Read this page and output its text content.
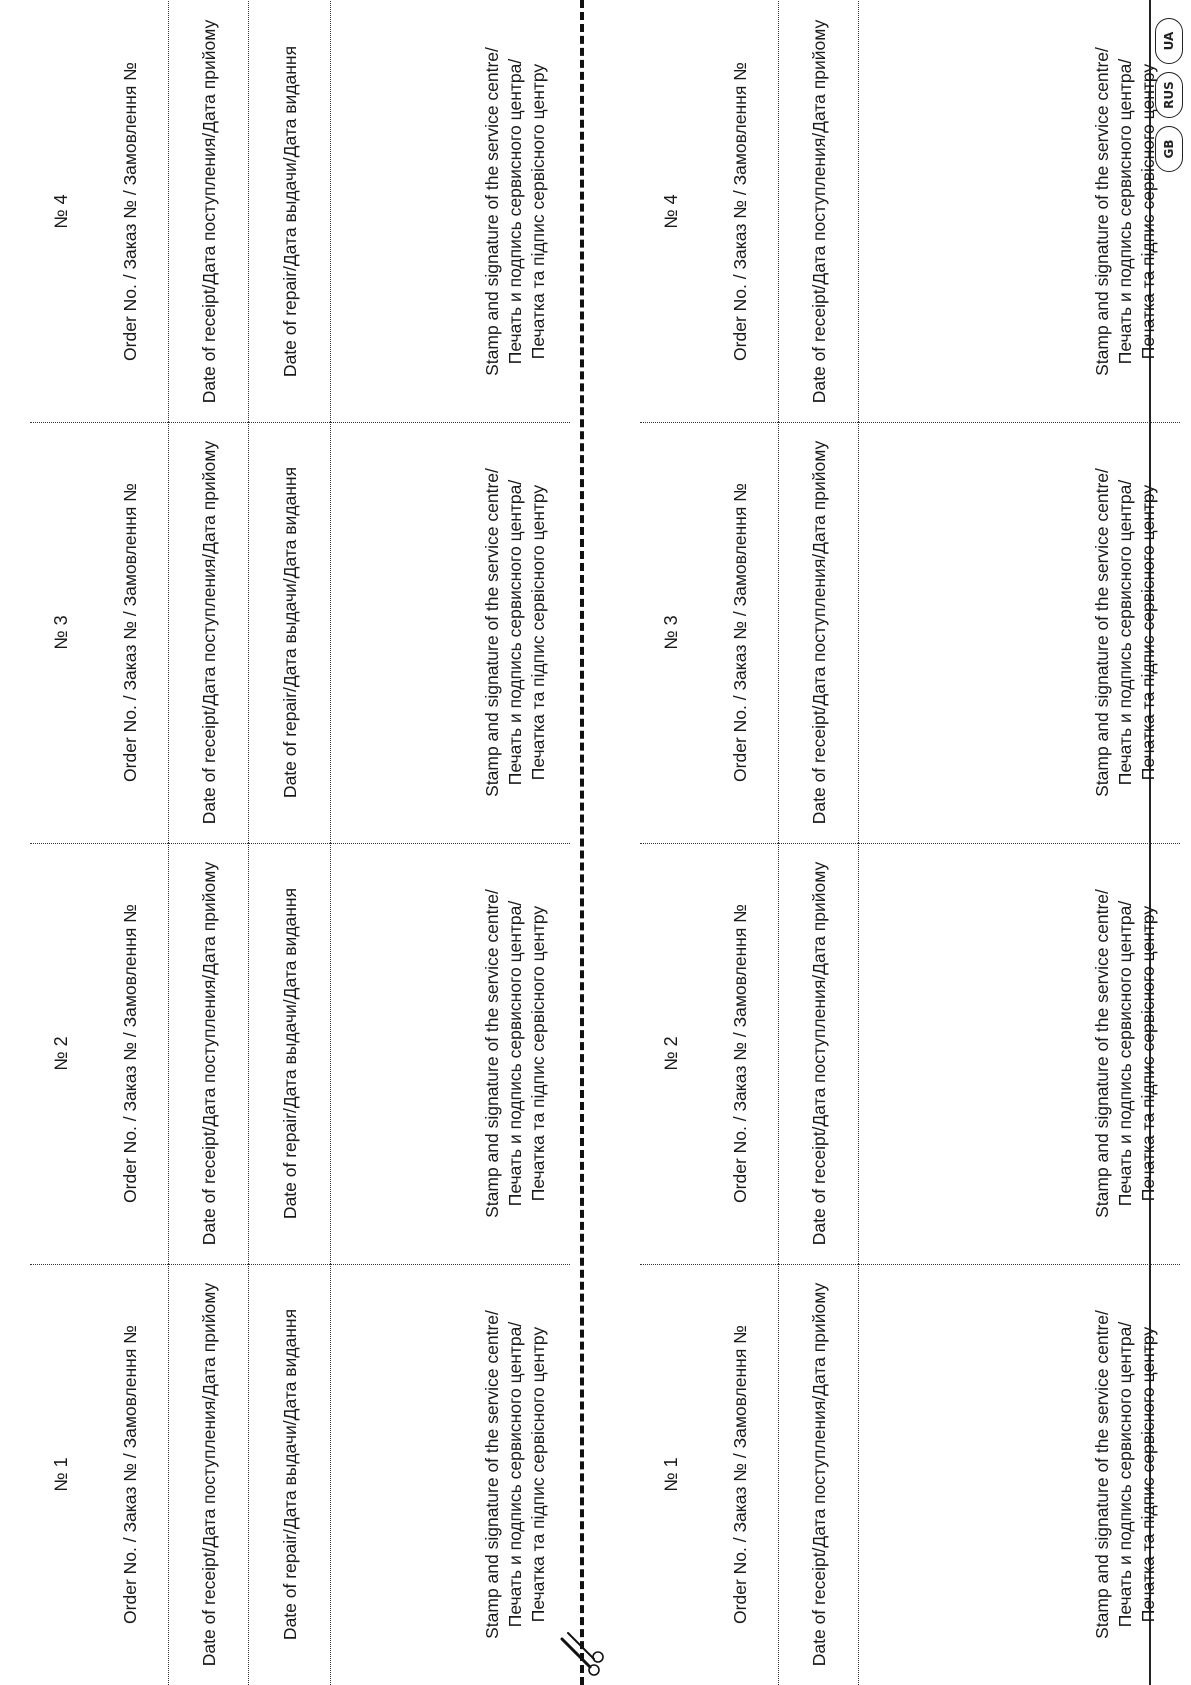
№ 1	Order No. / Заказ № / Замовлення №	Date of receipt/Дата поступления/Дата прийому	Date of repair/Дата выдачи/Дата видання	Stamp and signature of the service centre/ Печать и подпись сервисного центра/ Печатка та підпис сервісного центру

№ 2	Order No. / Заказ № / Замовлення №	Date of receipt/Дата поступления/Дата прийому	Date of repair/Дата выдачи/Дата видання	Stamp and signature of the service centre/ Печать и подпись сервисного центра/ Печатка та підпис сервісного центру

№ 3	Order No. / Заказ № / Замовлення №	Date of receipt/Дата поступления/Дата прийому	Date of repair/Дата выдачи/Дата видання	Stamp and signature of the service centre/ Печать и подпись сервисного центра/ Печатка та підпис сервісного центру

№ 4	Order No. / Заказ № / Замовлення №	Date of receipt/Дата поступления/Дата прийому	Date of repair/Дата выдачи/Дата видання	Stamp and signature of the service centre/ Печать и подпись сервисного центра/ Печатка та підпис сервісного центру

№ 1	Order No. / Заказ № / Замовлення №	Date of receipt/Дата поступления/Дата прийому	Stamp and signature of the service centre/ Печать и подпись сервисного центра/ Печатка та підпис сервісного центру

№ 2	Order No. / Заказ № / Замовлення №	Date of receipt/Дата поступления/Дата прийому	Stamp and signature of the service centre/ Печать и подпись сервисного центра/ Печатка та підпис сервісного центру

№ 3	Order No. / Заказ № / Замовлення №	Date of receipt/Дата поступления/Дата прийому	Stamp and signature of the service centre/ Печать и подпись сервисного центра/ Печатка та підпис сервісного центру

№ 4	Order No. / Заказ № / Замовлення №	Date of receipt/Дата поступления/Дата прийому	Stamp and signature of the service centre/ Печать и подпись сервисного центра/ Печатка та підпис сервісного центру GB
RUS
UA
